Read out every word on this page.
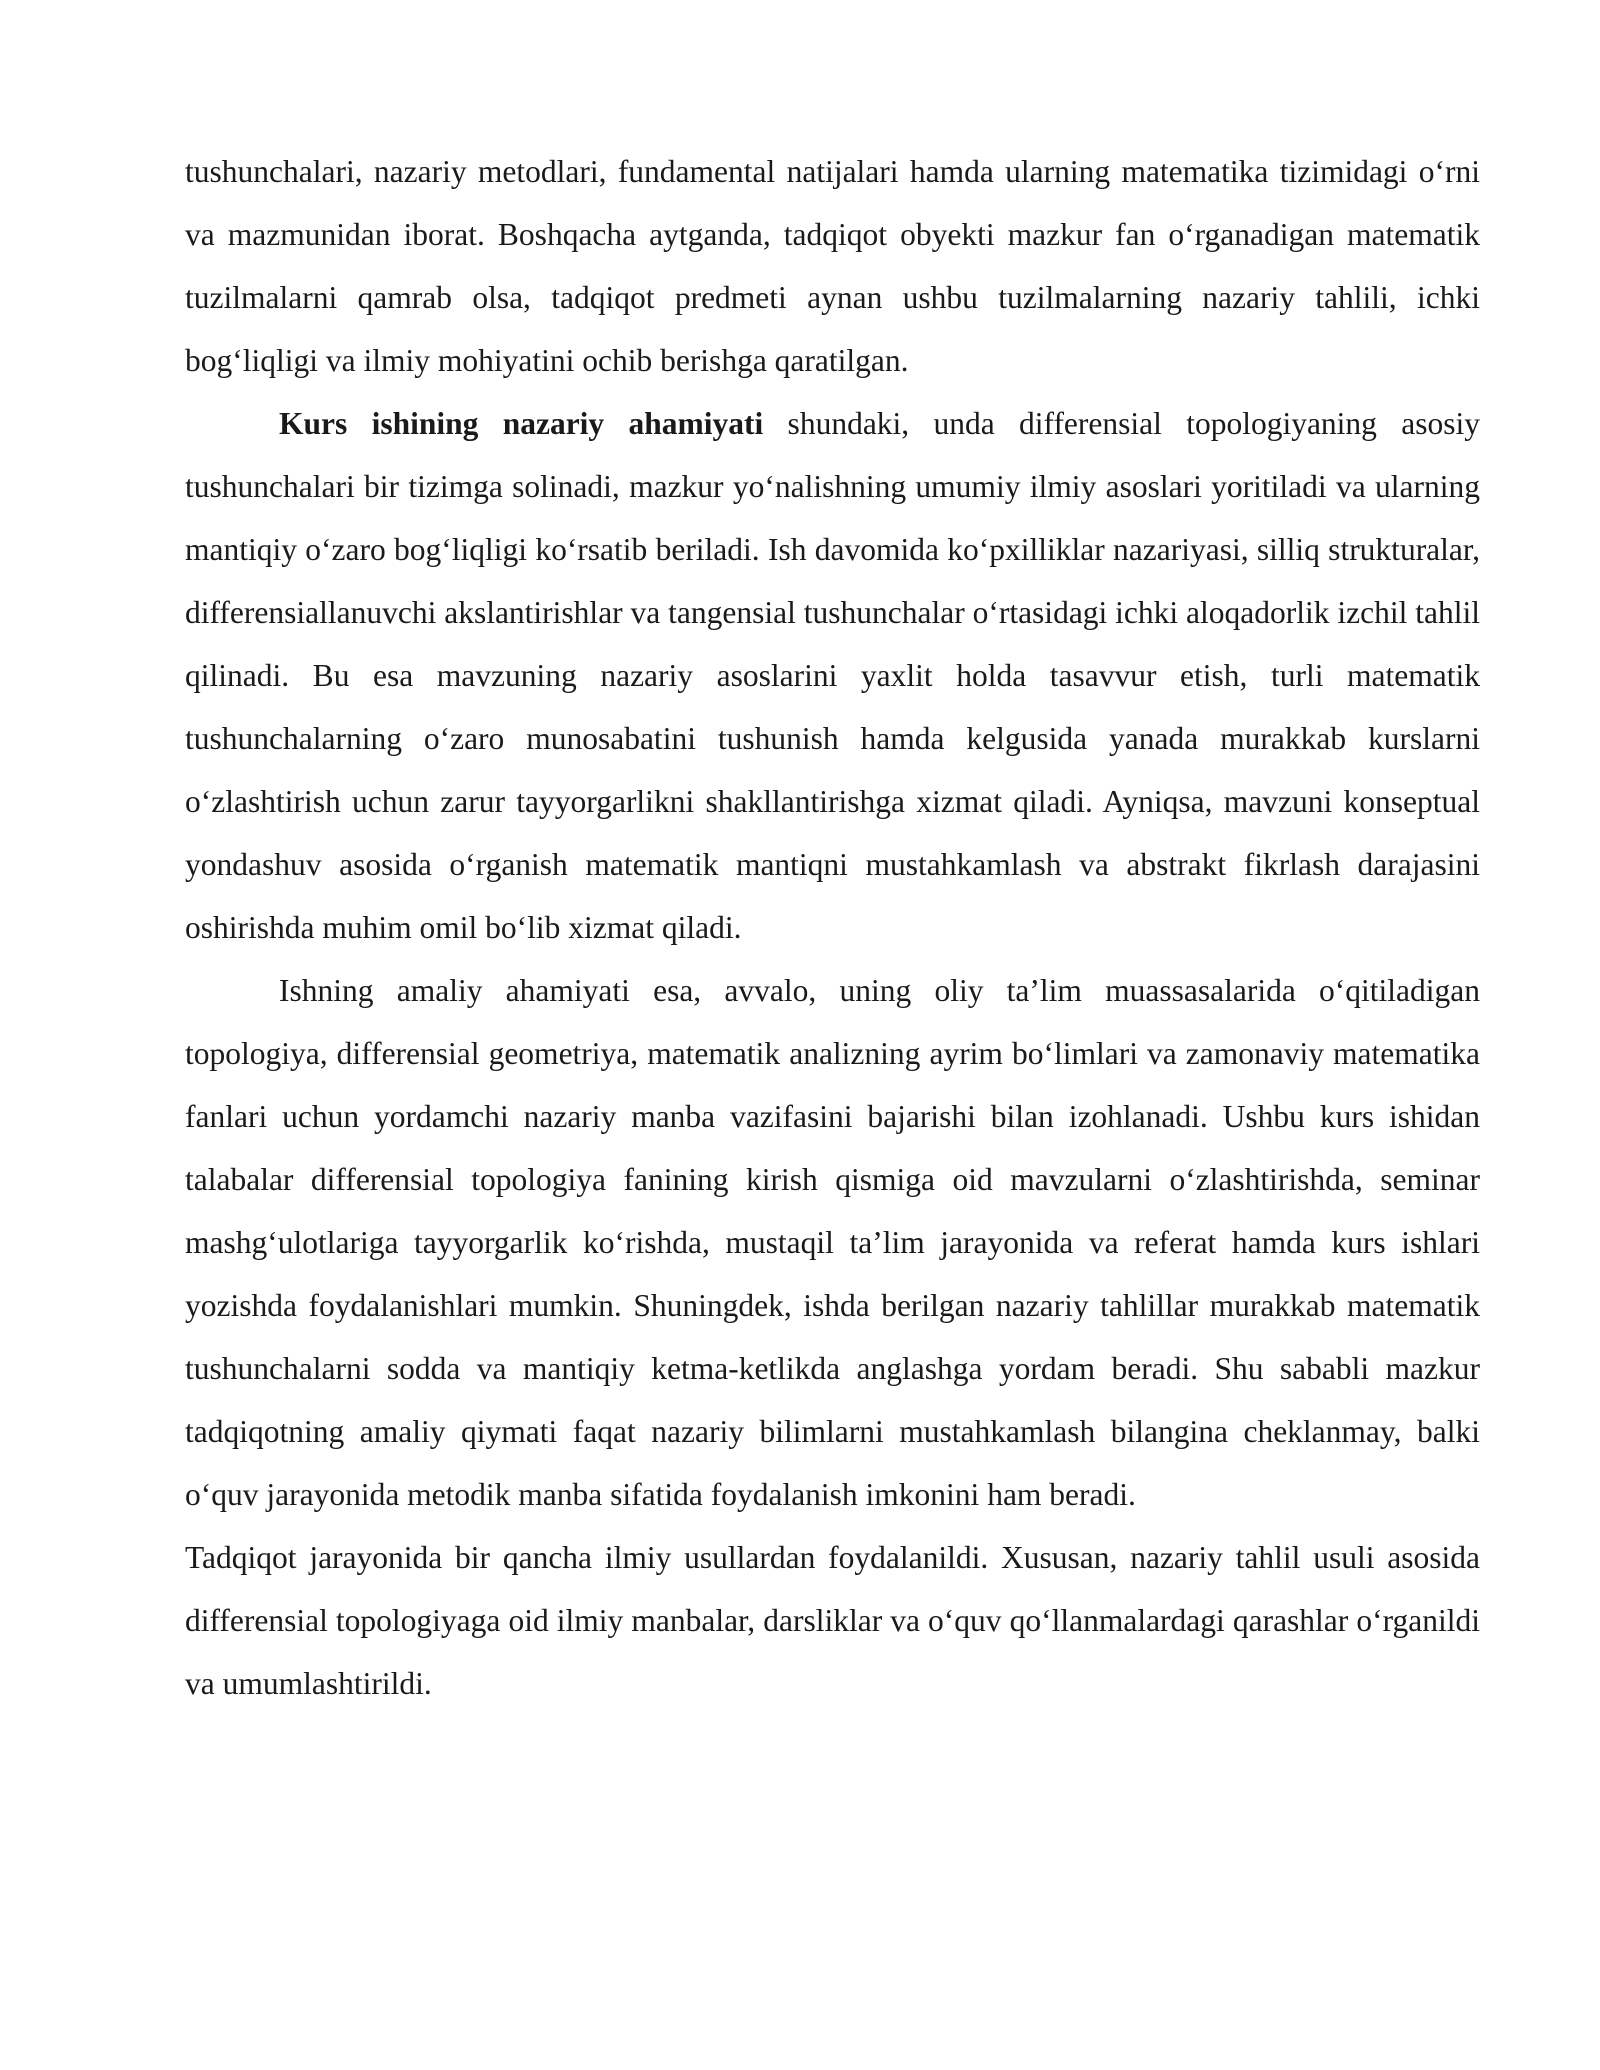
tushunchalari, nazariy metodlari, fundamental natijalari hamda ularning matematika tizimidagi o‘rni va mazmunidan iborat. Boshqacha aytganda, tadqiqot obyekti mazkur fan o‘rganadigan matematik tuzilmalarni qamrab olsa, tadqiqot predmeti aynan ushbu tuzilmalarning nazariy tahlili, ichki bog‘liqligi va ilmiy mohiyatini ochib berishga qaratilgan.

Kurs ishining nazariy ahamiyati shundaki, unda differensial topologiyaning asosiy tushunchalari bir tizimga solinadi, mazkur yo‘nalishning umumiy ilmiy asoslari yoritiladi va ularning mantiqiy o‘zaro bog‘liqligi ko‘rsatib beriladi. Ish davomida ko‘pxilliklar nazariyasi, silliq strukturalar, differensiallanuvchi akslantirishlar va tangensial tushunchalar o‘rtasidagi ichki aloqadorlik izchil tahlil qilinadi. Bu esa mavzuning nazariy asoslarini yaxlit holda tasavvur etish, turli matematik tushunchalarning o‘zaro munosabatini tushunish hamda kelgusida yanada murakkab kurslarni o‘zlashtirish uchun zarur tayyorgarlikni shakllantirishga xizmat qiladi. Ayniqsa, mavzuni konseptual yondashuv asosida o‘rganish matematik mantiqni mustahkamlash va abstrakt fikrlash darajasini oshirishda muhim omil bo‘lib xizmat qiladi.

Ishning amaliy ahamiyati esa, avvalo, uning oliy ta’lim muassasalarida o‘qitiladigan topologiya, differensial geometriya, matematik analizning ayrim bo‘limlari va zamonaviy matematika fanlari uchun yordamchi nazariy manba vazifasini bajarishi bilan izohlanadi. Ushbu kurs ishidan talabalar differensial topologiya fanining kirish qismiga oid mavzularni o‘zlashtirishda, seminar mashg‘ulotlariga tayyorgarlik ko‘rishda, mustaqil ta’lim jarayonida va referat hamda kurs ishlari yozishda foydalanishlari mumkin. Shuningdek, ishda berilgan nazariy tahlillar murakkab matematik tushunchalarni sodda va mantiqiy ketma-ketlikda anglashga yordam beradi. Shu sababli mazkur tadqiqotning amaliy qiymati faqat nazariy bilimlarni mustahkamlash bilangina cheklanmay, balki o‘quv jarayonida metodik manba sifatida foydalanish imkonini ham beradi.

Tadqiqot jarayonida bir qancha ilmiy usullardan foydalanildi. Xususan, nazariy tahlil usuli asosida differensial topologiyaga oid ilmiy manbalar, darsliklar va o‘quv qo‘llanmalardagi qarashlar o‘rganildi va umumlashtirildi.
